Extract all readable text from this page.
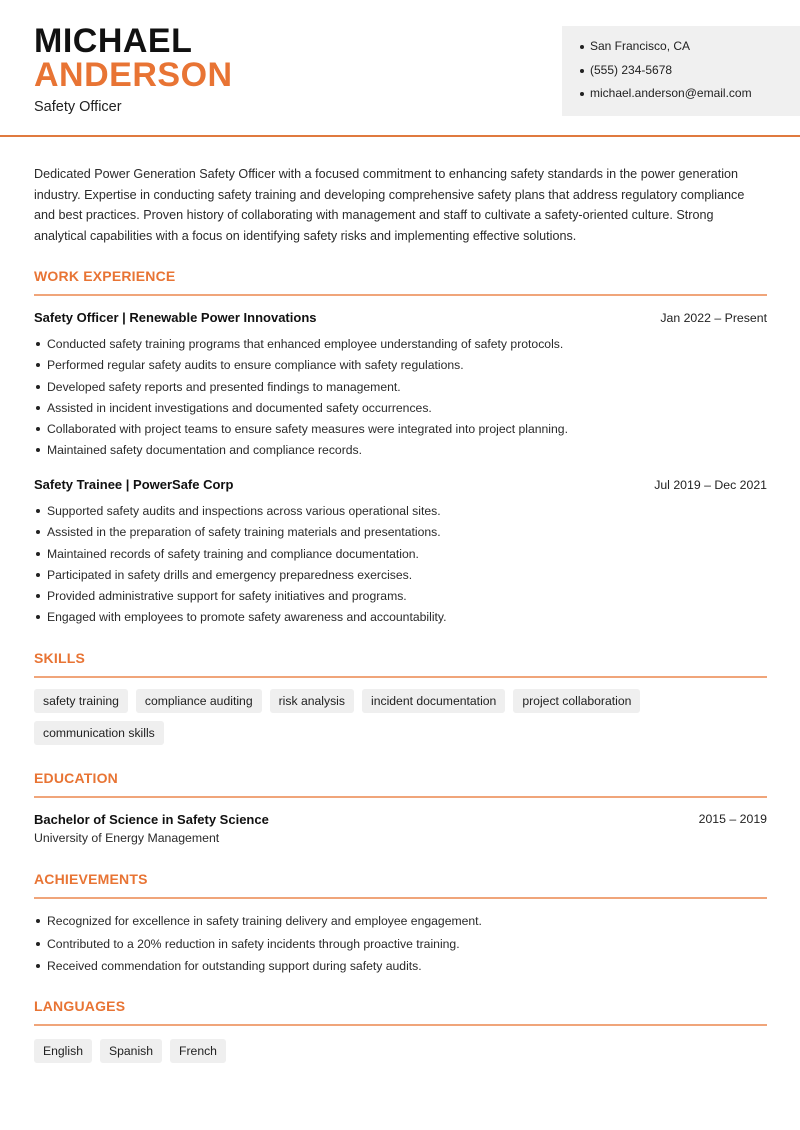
MICHAEL
ANDERSON
Safety Officer
San Francisco, CA
(555) 234-5678
michael.anderson@email.com

Dedicated Power Generation Safety Officer with a focused commitment to enhancing safety standards in the power generation industry. Expertise in conducting safety training and developing comprehensive safety plans that address regulatory compliance and best practices. Proven history of collaborating with management and staff to cultivate a safety-oriented culture. Strong analytical capabilities with a focus on identifying safety risks and implementing effective solutions.

WORK EXPERIENCE
Safety Officer | Renewable Power Innovations	Jan 2022 – Present
Conducted safety training programs that enhanced employee understanding of safety protocols.
Performed regular safety audits to ensure compliance with safety regulations.
Developed safety reports and presented findings to management.
Assisted in incident investigations and documented safety occurrences.
Collaborated with project teams to ensure safety measures were integrated into project planning.
Maintained safety documentation and compliance records.
Safety Trainee | PowerSafe Corp	Jul 2019 – Dec 2021
Supported safety audits and inspections across various operational sites.
Assisted in the preparation of safety training materials and presentations.
Maintained records of safety training and compliance documentation.
Participated in safety drills and emergency preparedness exercises.
Provided administrative support for safety initiatives and programs.
Engaged with employees to promote safety awareness and accountability.
SKILLS
safety training	compliance auditing	risk analysis	incident documentation	project collaboration
communication skills
EDUCATION
Bachelor of Science in Safety Science	2015 – 2019
University of Energy Management
ACHIEVEMENTS
Recognized for excellence in safety training delivery and employee engagement.
Contributed to a 20% reduction in safety incidents through proactive training.
Received commendation for outstanding support during safety audits.
LANGUAGES
English	Spanish	French
